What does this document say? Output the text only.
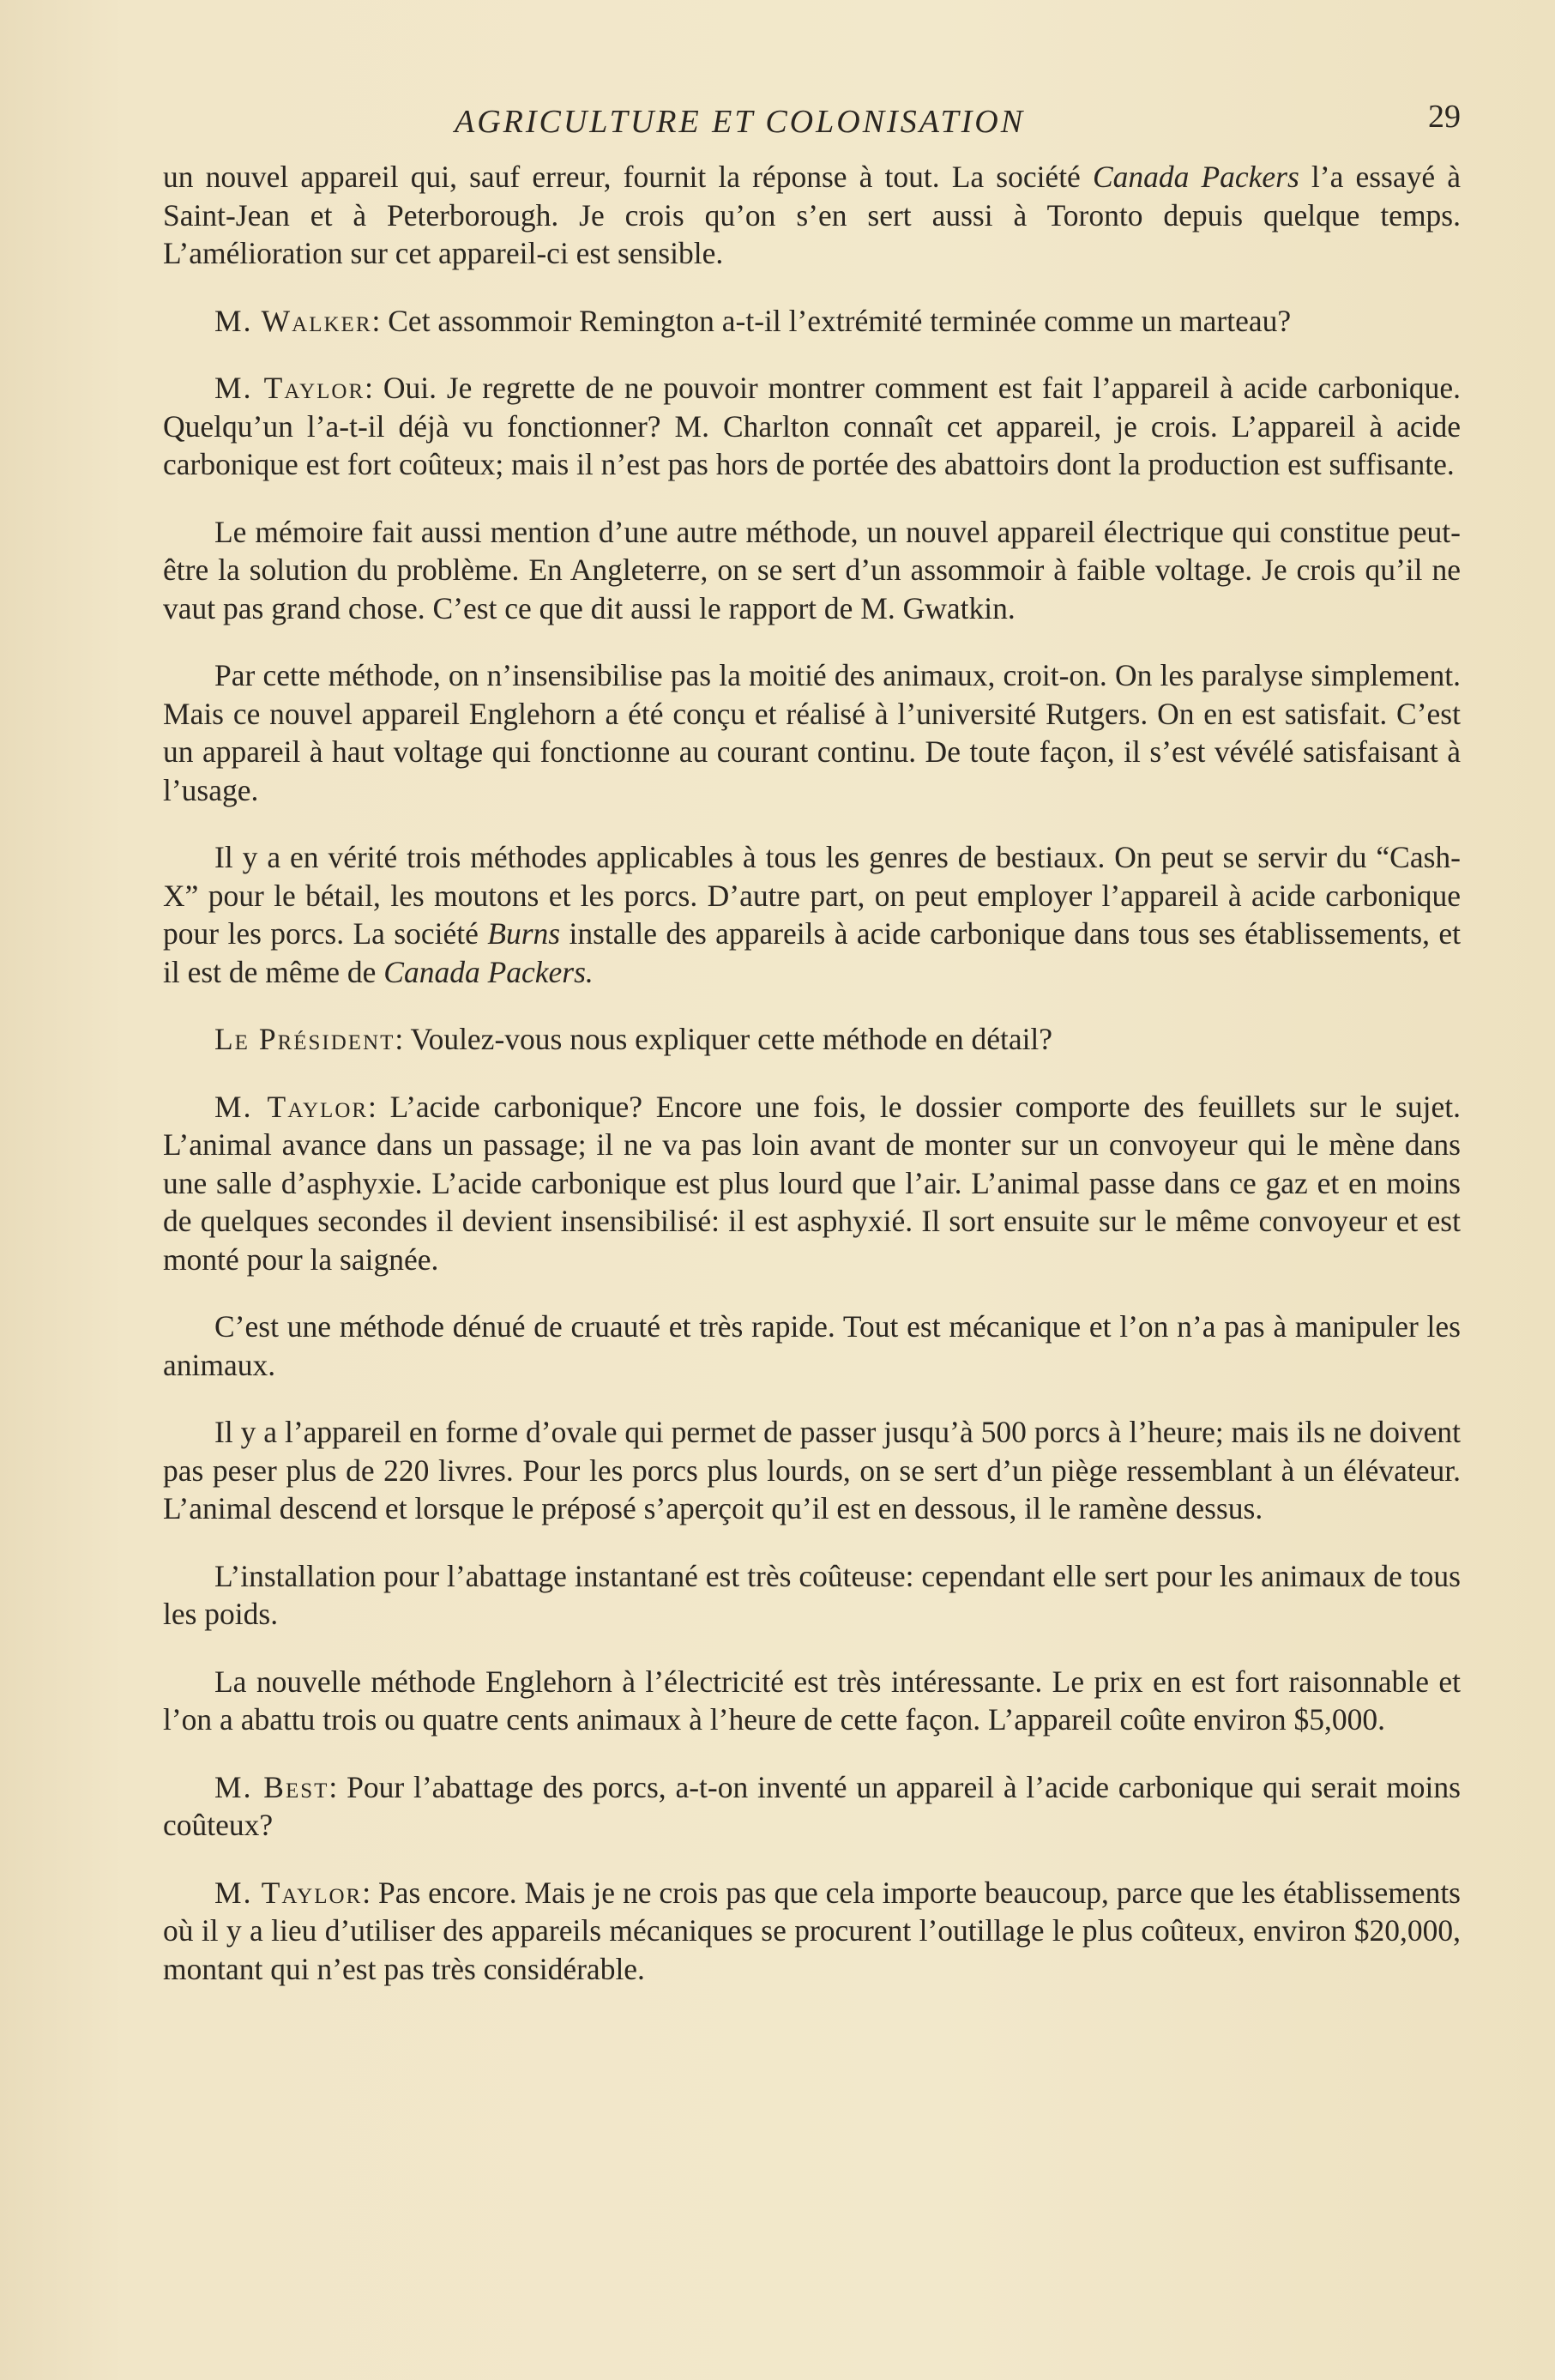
AGRICULTURE ET COLONISATION	29

un nouvel appareil qui, sauf erreur, fournit la réponse à tout. La société Canada Packers l’a essayé à Saint-Jean et à Peterborough. Je crois qu’on s’en sert aussi à Toronto depuis quelque temps. L’amélioration sur cet appareil-ci est sensible.

M. Walker: Cet assommoir Remington a-t-il l’extrémité terminée comme un marteau?

M. Taylor: Oui. Je regrette de ne pouvoir montrer comment est fait l’appareil à acide carbonique. Quelqu’un l’a-t-il déjà vu fonctionner? M. Charlton connaît cet appareil, je crois. L’appareil à acide carbonique est fort coûteux; mais il n’est pas hors de portée des abattoirs dont la production est suffisante.

Le mémoire fait aussi mention d’une autre méthode, un nouvel appareil électrique qui constitue peut-être la solution du problème. En Angleterre, on se sert d’un assommoir à faible voltage. Je crois qu’il ne vaut pas grand chose. C’est ce que dit aussi le rapport de M. Gwatkin.

Par cette méthode, on n’insensibilise pas la moitié des animaux, croit-on. On les paralyse simplement. Mais ce nouvel appareil Englehorn a été conçu et réalisé à l’université Rutgers. On en est satisfait. C’est un appareil à haut voltage qui fonctionne au courant continu. De toute façon, il s’est vévélé satisfaisant à l’usage.

Il y a en vérité trois méthodes applicables à tous les genres de bestiaux. On peut se servir du “Cash-X” pour le bétail, les moutons et les porcs. D’autre part, on peut employer l’appareil à acide carbonique pour les porcs. La société Burns installe des appareils à acide carbonique dans tous ses établissements, et il est de même de Canada Packers.

Le Président: Voulez-vous nous expliquer cette méthode en détail?

M. Taylor: L’acide carbonique? Encore une fois, le dossier comporte des feuillets sur le sujet. L’animal avance dans un passage; il ne va pas loin avant de monter sur un convoyeur qui le mène dans une salle d’asphyxie. L’acide carbonique est plus lourd que l’air. L’animal passe dans ce gaz et en moins de quelques secondes il devient insensibilisé: il est asphyxié. Il sort ensuite sur le même convoyeur et est monté pour la saignée.

C’est une méthode dénué de cruauté et très rapide. Tout est mécanique et l’on n’a pas à manipuler les animaux.

Il y a l’appareil en forme d’ovale qui permet de passer jusqu’à 500 porcs à l’heure; mais ils ne doivent pas peser plus de 220 livres. Pour les porcs plus lourds, on se sert d’un piège ressemblant à un élévateur. L’animal descend et lorsque le préposé s’aperçoit qu’il est en dessous, il le ramène dessus.

L’installation pour l’abattage instantané est très coûteuse: cependant elle sert pour les animaux de tous les poids.

La nouvelle méthode Englehorn à l’électricité est très intéressante. Le prix en est fort raisonnable et l’on a abattu trois ou quatre cents animaux à l’heure de cette façon. L’appareil coûte environ $5,000.

M. Best: Pour l’abattage des porcs, a-t-on inventé un appareil à l’acide carbonique qui serait moins coûteux?

M. Taylor: Pas encore. Mais je ne crois pas que cela importe beaucoup, parce que les établissements où il y a lieu d’utiliser des appareils mécaniques se procurent l’outillage le plus coûteux, environ $20,000, montant qui n’est pas très considérable.
